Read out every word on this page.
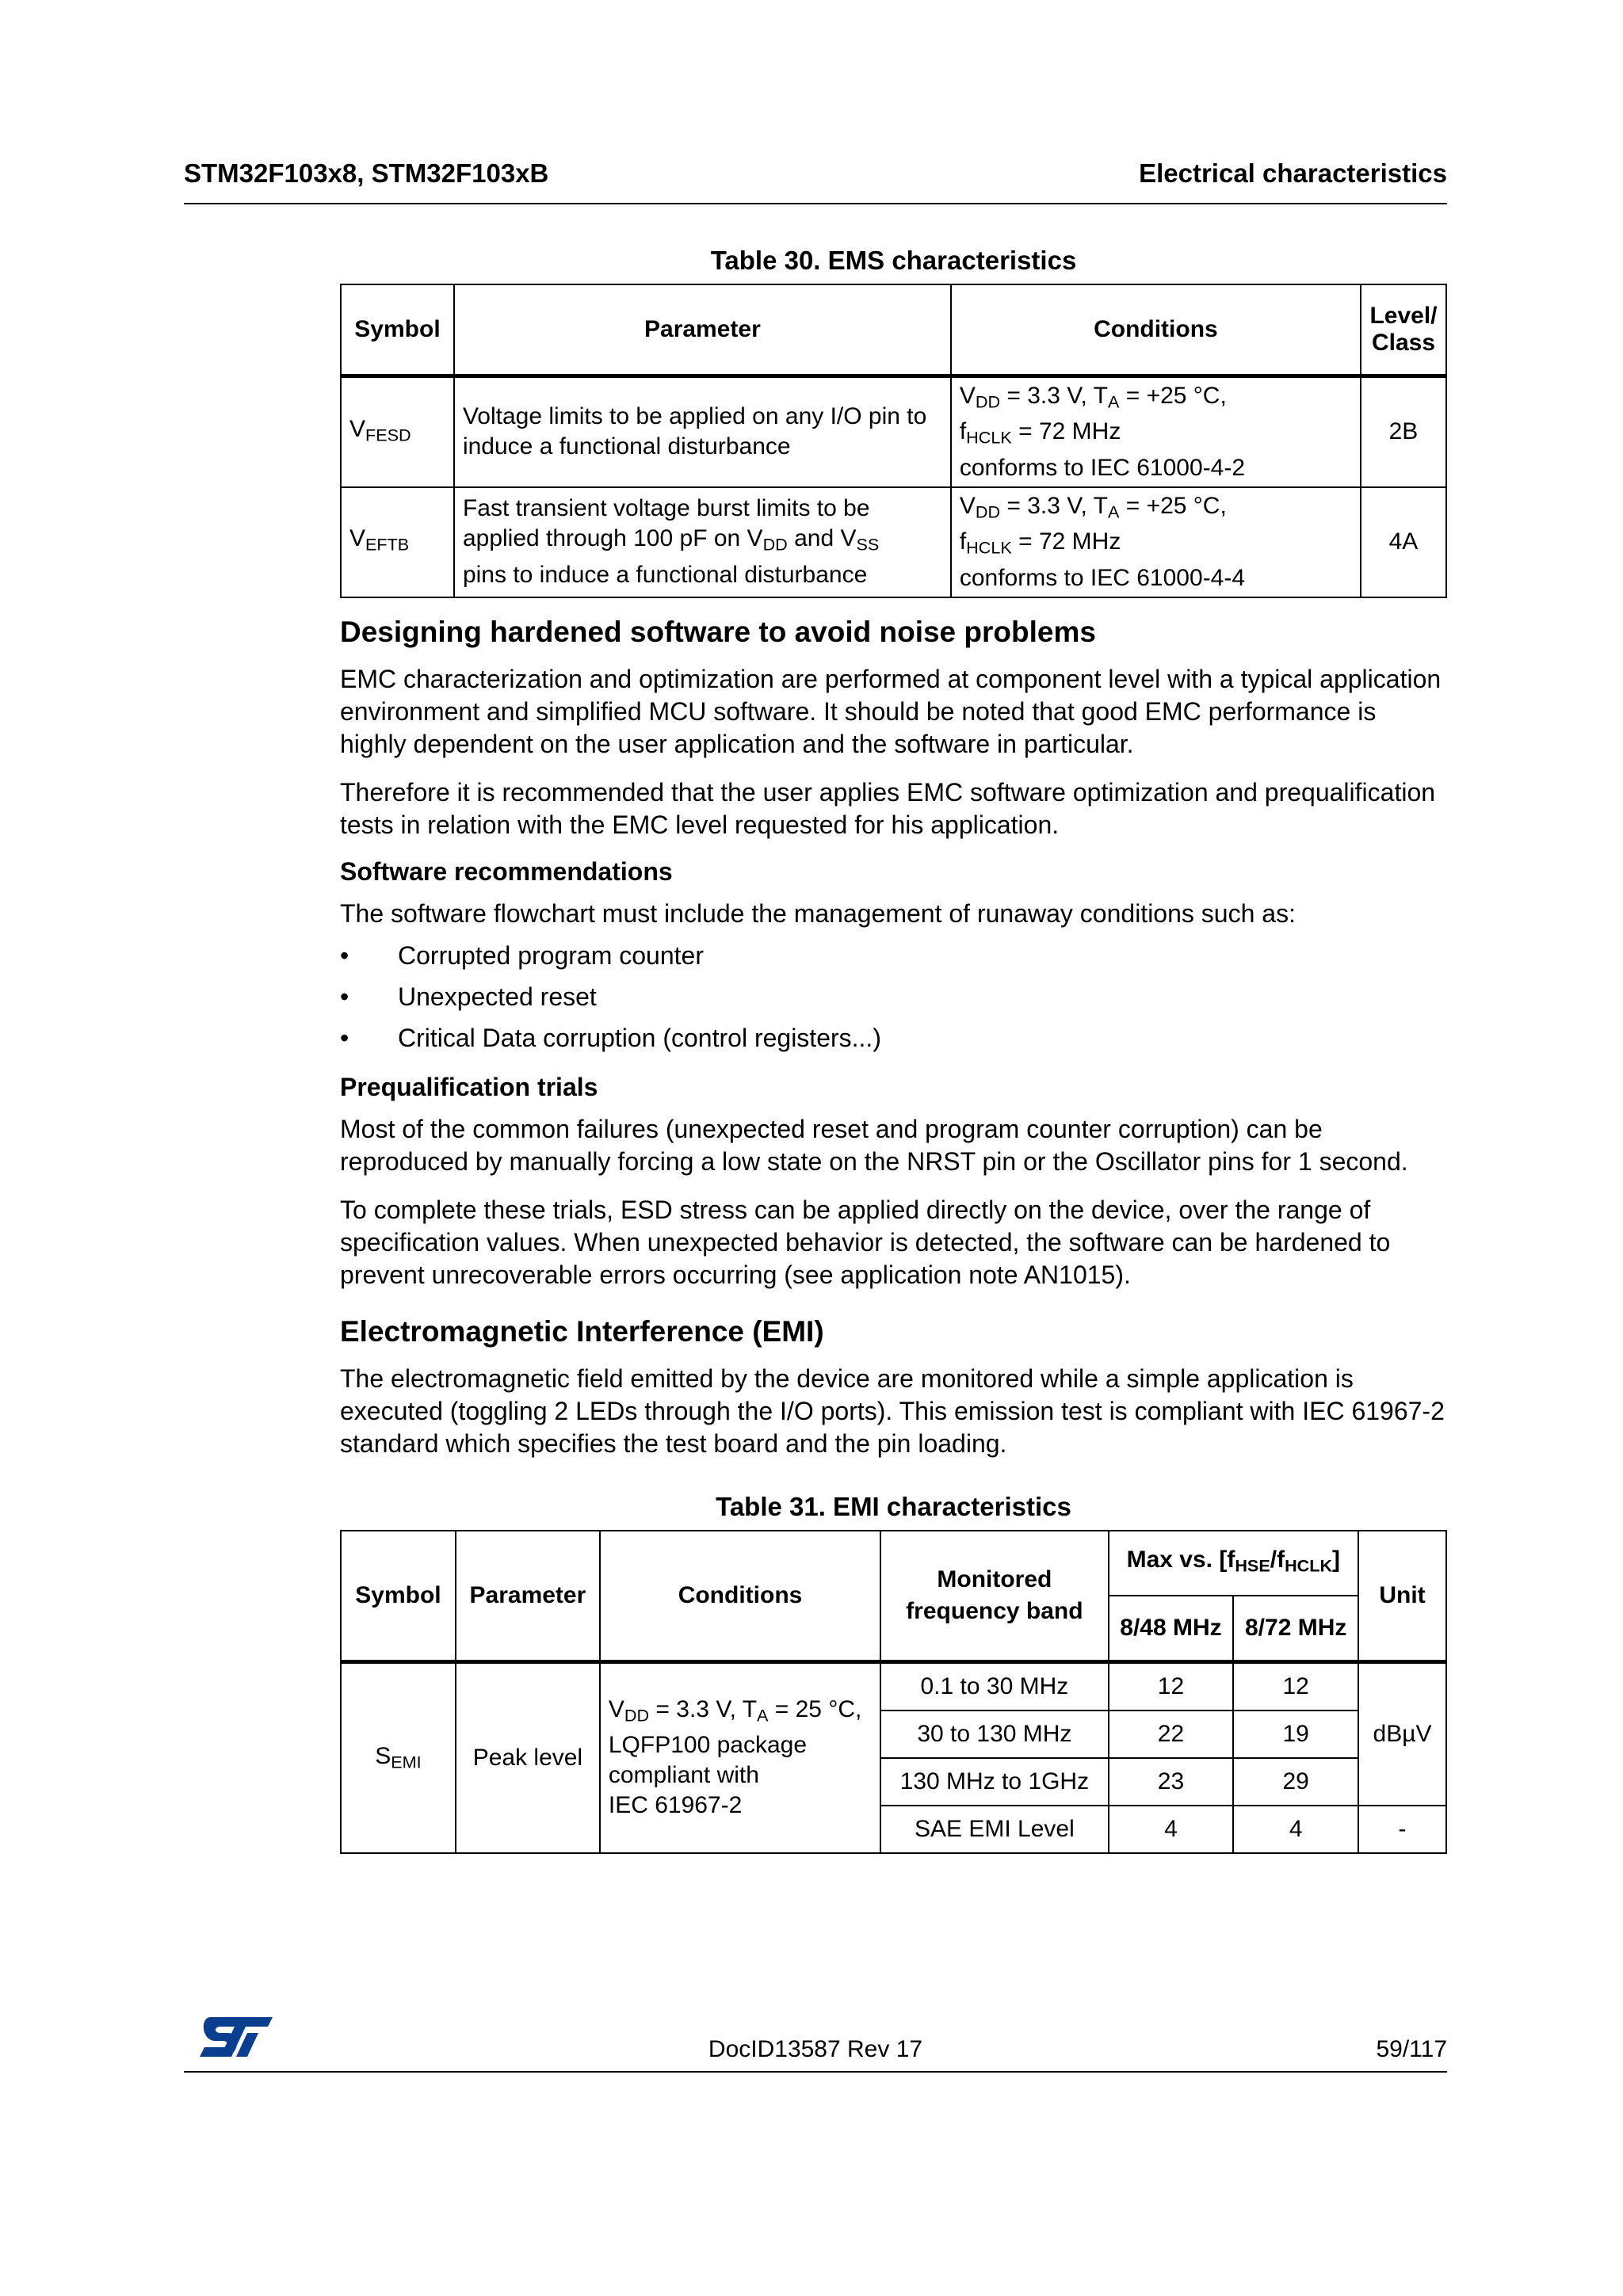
STM32F103x8, STM32F103xB	Electrical characteristics
Table 30. EMS characteristics
Symbol	Parameter	Conditions	Level/
Class
$V_{FESD}$	Voltage limits to be applied on any I/O pin to induce a functional disturbance	$V_{DD} = 3.3$ V, $T_A = +25$ °C,
$f_{HCLK} = 72$ MHz
conforms to IEC 61000-4-2	2B
$V_{EFTB}$	Fast transient voltage burst limits to be
applied through 100 pF on $V_{DD}$ and $V_{SS}$
pins to induce a functional disturbance	$V_{DD} = 3.3$ V, $T_A = +25$ °C,
$f_{HCLK} = 72$ MHz
conforms to IEC 61000-4-4	4A
Designing hardened software to avoid noise problems

EMC characterization and optimization are performed at component level with a typical application environment and simplified MCU software. It should be noted that good EMC performance is highly dependent on the user application and the software in particular.

Therefore it is recommended that the user applies EMC software optimization and prequalification tests in relation with the EMC level requested for his application.

Software recommendations

The software flowchart must include the management of runaway conditions such as:

• Corrupted program counter
• Unexpected reset
• Critical Data corruption (control registers...)
Prequalification trials

Most of the common failures (unexpected reset and program counter corruption) can be reproduced by manually forcing a low state on the NRST pin or the Oscillator pins for 1 second.

To complete these trials, ESD stress can be applied directly on the device, over the range of specification values. When unexpected behavior is detected, the software can be hardened to prevent unrecoverable errors occurring (see application note AN1015).

Electromagnetic Interference (EMI)

The electromagnetic field emitted by the device are monitored while a simple application is executed (toggling 2 LEDs through the I/O ports). This emission test is compliant with IEC 61967-2 standard which specifies the test board and the pin loading.

Table 31. EMI characteristics
Symbol	Parameter	Conditions	Monitored
frequency band	Max vs. $[f_{HSE}/f_{HCLK}]$		Unit
				8/48 MHz	8/72 MHz	
$S_{EMI}$	Peak level	$V_{DD} = 3.3$ V, $T_A = 25$ °C,
LQFP100 package
compliant with
IEC 61967-2	0.1 to 30 MHz	12	12	dBµV
			30 to 130 MHz	22	19	
			130 MHz to 1GHz	23	29	
			SAE EMI Level	4	4	-
DocID13587 Rev 17	59/117
